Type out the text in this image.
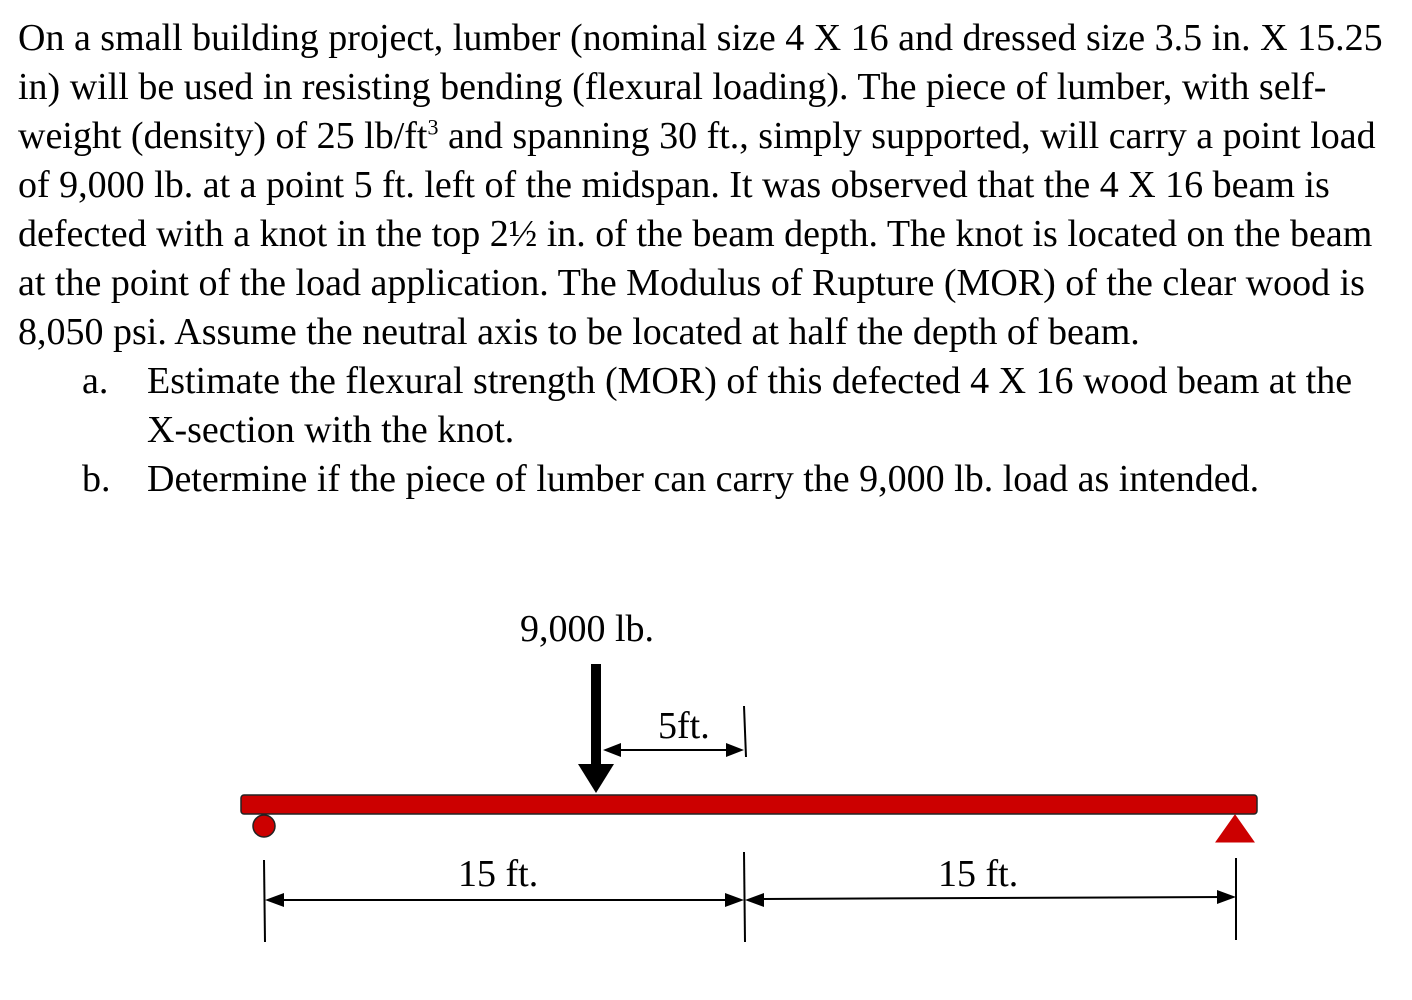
On a small building project, lumber (nominal size 4 X 16 and dressed size 3.5 in. X 15.25 in) will be used in resisting bending (flexural loading). The piece of lumber, with self-weight (density) of 25 $lb/ft^3$ and spanning 30 ft., simply supported, will carry a point load of 9,000 lb. at a point 5 ft. left of the midspan. It was observed that the 4 X 16 beam is defected with a knot in the top 2½ in. of the beam depth. The knot is located on the beam at the point of the load application. The Modulus of Rupture (MOR) of the clear wood is 8,050 psi. Assume the neutral axis to be located at half the depth of beam.

a. Estimate the flexural strength (MOR) of this defected 4 X 16 wood beam at the X-section with the knot.
b. Determine if the piece of lumber can carry the 9,000 lb. load as intended.
9,000 lb.
5ft.
15 ft.	15 ft.
